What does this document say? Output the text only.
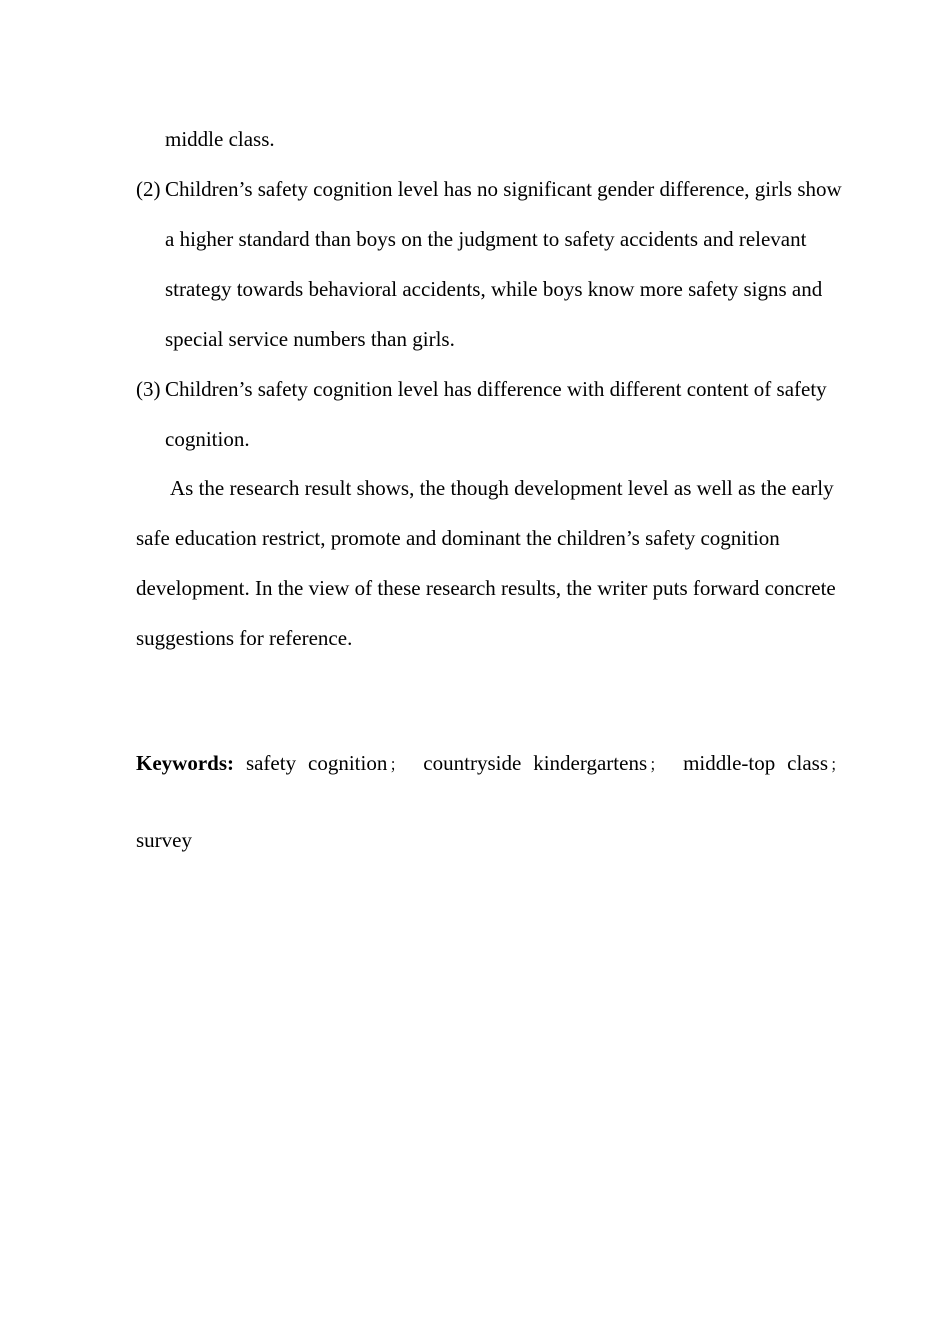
middle class.
(2) Children’s safety cognition level has no significant gender difference, girls show a higher standard than boys on the judgment to safety accidents and relevant strategy towards behavioral accidents, while boys know more safety signs and special service numbers than girls.
(3) Children’s safety cognition level has difference with different content of safety cognition.
As the research result shows, the though development level as well as the early safe education restrict, promote and dominant the children’s safety cognition development. In the view of these research results, the writer puts forward concrete suggestions for reference.
Keywords: safety cognition ； countryside kindergartens ； middle-top class ； survey
